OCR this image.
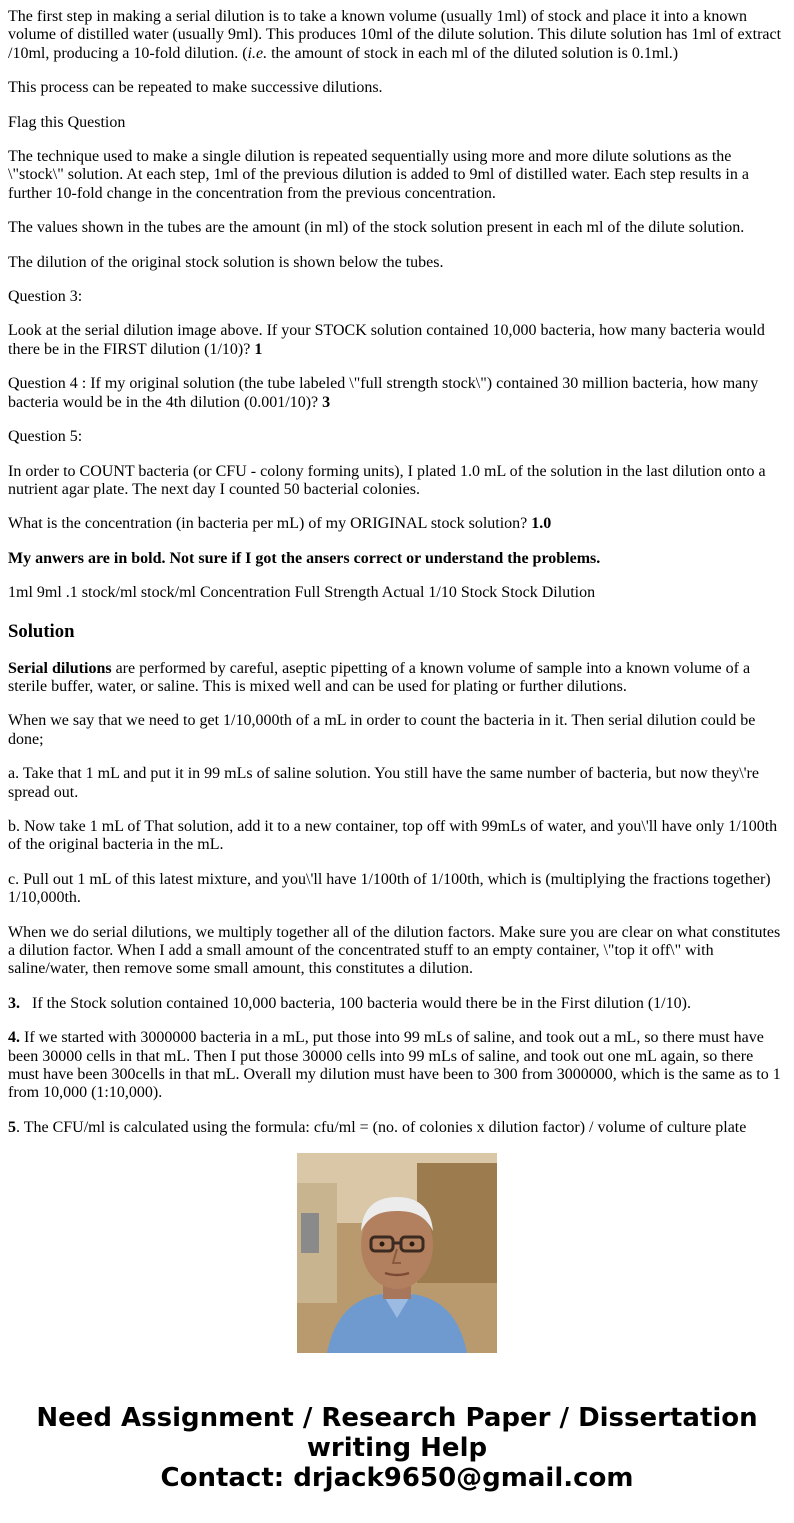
The first step in making a serial dilution is to take a known volume (usually 1ml) of stock and place it into a known volume of distilled water (usually 9ml). This produces 10ml of the dilute solution. This dilute solution has 1ml of extract /10ml, producing a 10-fold dilution. (i.e. the amount of stock in each ml of the diluted solution is 0.1ml.)

This process can be repeated to make successive dilutions.

Flag this Question

The technique used to make a single dilution is repeated sequentially using more and more dilute solutions as the \"stock\" solution. At each step, 1ml of the previous dilution is added to 9ml of distilled water. Each step results in a further 10-fold change in the concentration from the previous concentration.

The values shown in the tubes are the amount (in ml) of the stock solution present in each ml of the dilute solution.

The dilution of the original stock solution is shown below the tubes.

Question 3:

Look at the serial dilution image above. If your STOCK solution contained 10,000 bacteria, how many bacteria would there be in the FIRST dilution (1/10)? 1

Question 4 : If my original solution (the tube labeled \"full strength stock\") contained 30 million bacteria, how many bacteria would be in the 4th dilution (0.001/10)? 3

Question 5:

In order to COUNT bacteria (or CFU - colony forming units), I plated 1.0 mL of the solution in the last dilution onto a nutrient agar plate. The next day I counted 50 bacterial colonies.

What is the concentration (in bacteria per mL) of my ORIGINAL stock solution? 1.0

My anwers are in bold. Not sure if I got the ansers correct or understand the problems.

1ml 9ml .1 stock/ml stock/ml Concentration Full Strength Actual 1/10 Stock Stock Dilution

Solution

Serial dilutions are performed by careful, aseptic pipetting of a known volume of sample into a known volume of a sterile buffer, water, or saline. This is mixed well and can be used for plating or further dilutions.

When we say that we need to get 1/10,000th of a mL in order to count the bacteria in it. Then serial dilution could be done;

a. Take that 1 mL and put it in 99 mLs of saline solution. You still have the same number of bacteria, but now they\'re spread out.

b. Now take 1 mL of That solution, add it to a new container, top off with 99mLs of water, and you\'ll have only 1/100th of the original bacteria in the mL.

c. Pull out 1 mL of this latest mixture, and you\'ll have 1/100th of 1/100th, which is (multiplying the fractions together) 1/10,000th.

When we do serial dilutions, we multiply together all of the dilution factors. Make sure you are clear on what constitutes a dilution factor. When I add a small amount of the concentrated stuff to an empty container, \"top it off\" with saline/water, then remove some small amount, this constitutes a dilution.

3.   If the Stock solution contained 10,000 bacteria, 100 bacteria would there be in the First dilution (1/10).

4. If we started with 3000000 bacteria in a mL, put those into 99 mLs of saline, and took out a mL, so there must have been 30000 cells in that mL. Then I put those 30000 cells into 99 mLs of saline, and took out one mL again, so there must have been 300cells in that mL. Overall my dilution must have been to 300 from 3000000, which is the same as to 1 from 10,000 (1:10,000).

5. The CFU/ml is calculated using the formula: cfu/ml = (no. of colonies x dilution factor) / volume of culture plate

Need Assignment / Research Paper / Dissertation
writing Help
Contact: drjack9650@gmail.com
